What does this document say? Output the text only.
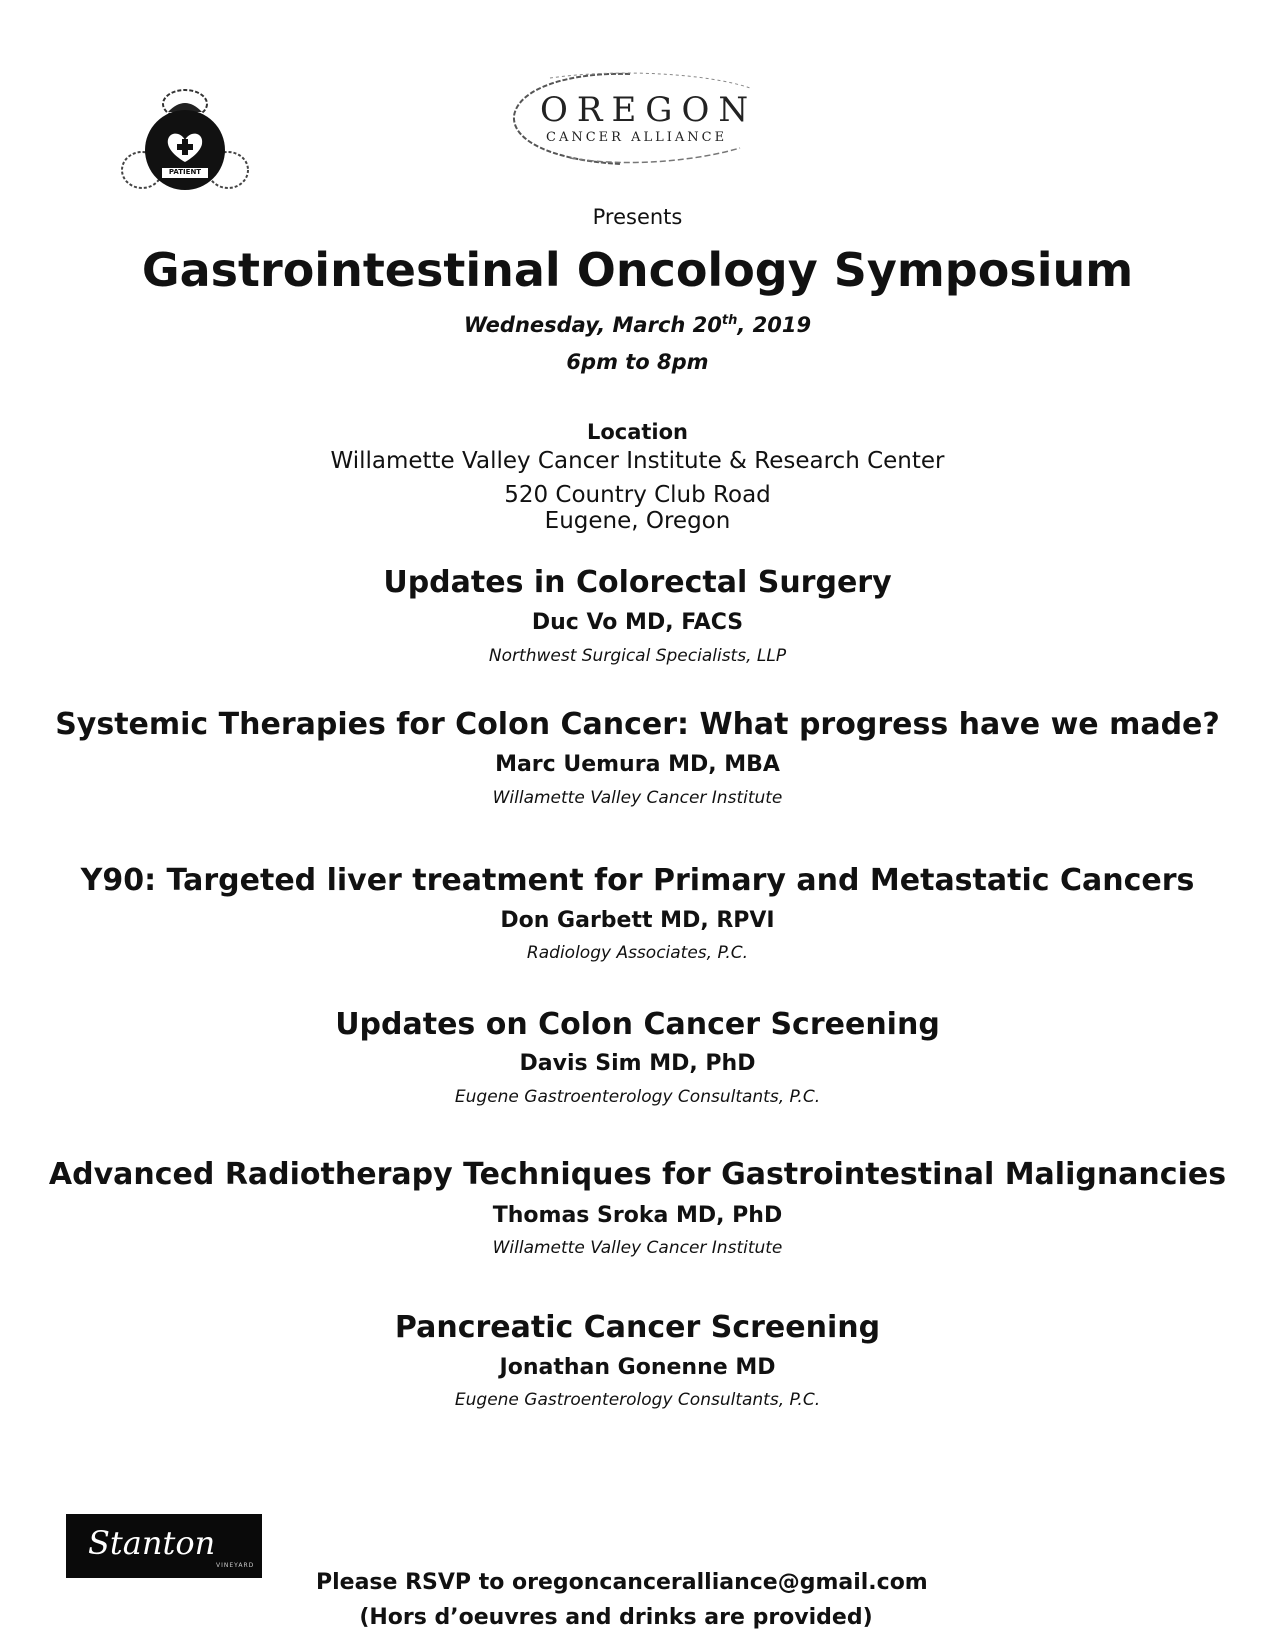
PATIENT
OREGON
CANCER ALLIANCE
Presents
Gastrointestinal Oncology Symposium
Wednesday, March 20th, 2019
6pm to 8pm
Location
Willamette Valley Cancer Institute & Research Center
520 Country Club Road
Eugene, Oregon
Updates in Colorectal Surgery
Duc Vo MD, FACS
Northwest Surgical Specialists, LLP
Systemic Therapies for Colon Cancer: What progress have we made?
Marc Uemura MD, MBA
Willamette Valley Cancer Institute
Y90: Targeted liver treatment for Primary and Metastatic Cancers
Don Garbett MD, RPVI
Radiology Associates, P.C.
Updates on Colon Cancer Screening
Davis Sim MD, PhD
Eugene Gastroenterology Consultants, P.C.
Advanced Radiotherapy Techniques for Gastrointestinal Malignancies
Thomas Sroka MD, PhD
Willamette Valley Cancer Institute
Pancreatic Cancer Screening
Jonathan Gonenne MD
Eugene Gastroenterology Consultants, P.C.
Stanton
VINEYARD
Please RSVP to oregoncanceralliance@gmail.com
(Hors d’oeuvres and drinks are provided)
